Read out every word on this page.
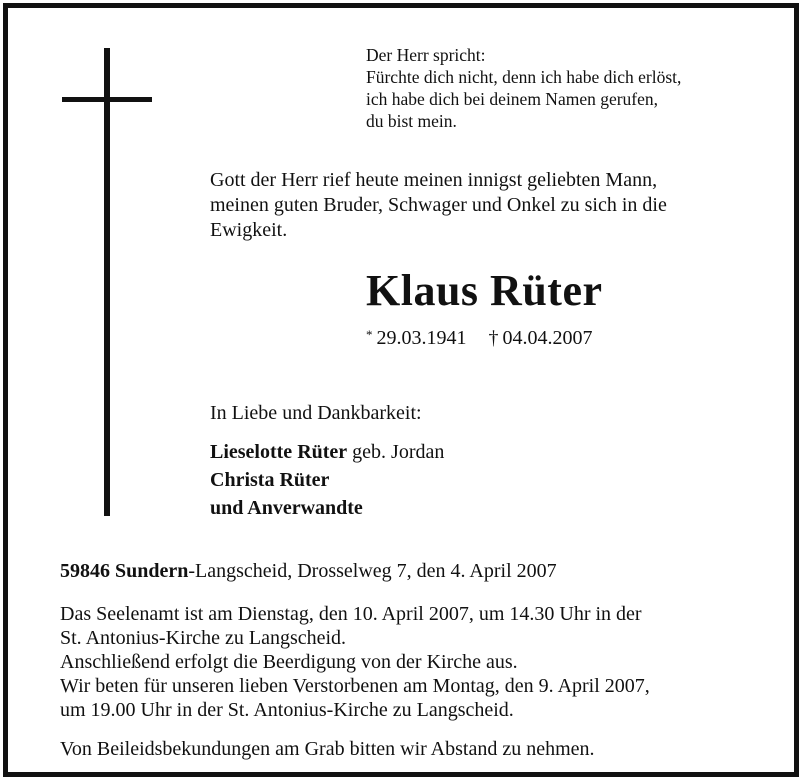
Der Herr spricht:
Fürchte dich nicht, denn ich habe dich erlöst,
ich habe dich bei deinem Namen gerufen,
du bist mein.
Gott der Herr rief heute meinen innigst geliebten Mann,
meinen guten Bruder, Schwager und Onkel zu sich in die
Ewigkeit.
Klaus Rüter
* 29.03.1941 † 04.04.2007
In Liebe und Dankbarkeit:
Lieselotte Rüter geb. Jordan
Christa Rüter
und Anverwandte
59846 Sundern-Langscheid, Drosselweg 7, den 4. April 2007
Das Seelenamt ist am Dienstag, den 10. April 2007, um 14.30 Uhr in der
St. Antonius-Kirche zu Langscheid.
Anschließend erfolgt die Beerdigung von der Kirche aus.
Wir beten für unseren lieben Verstorbenen am Montag, den 9. April 2007,
um 19.00 Uhr in der St. Antonius-Kirche zu Langscheid.
Von Beileidsbekundungen am Grab bitten wir Abstand zu nehmen.
